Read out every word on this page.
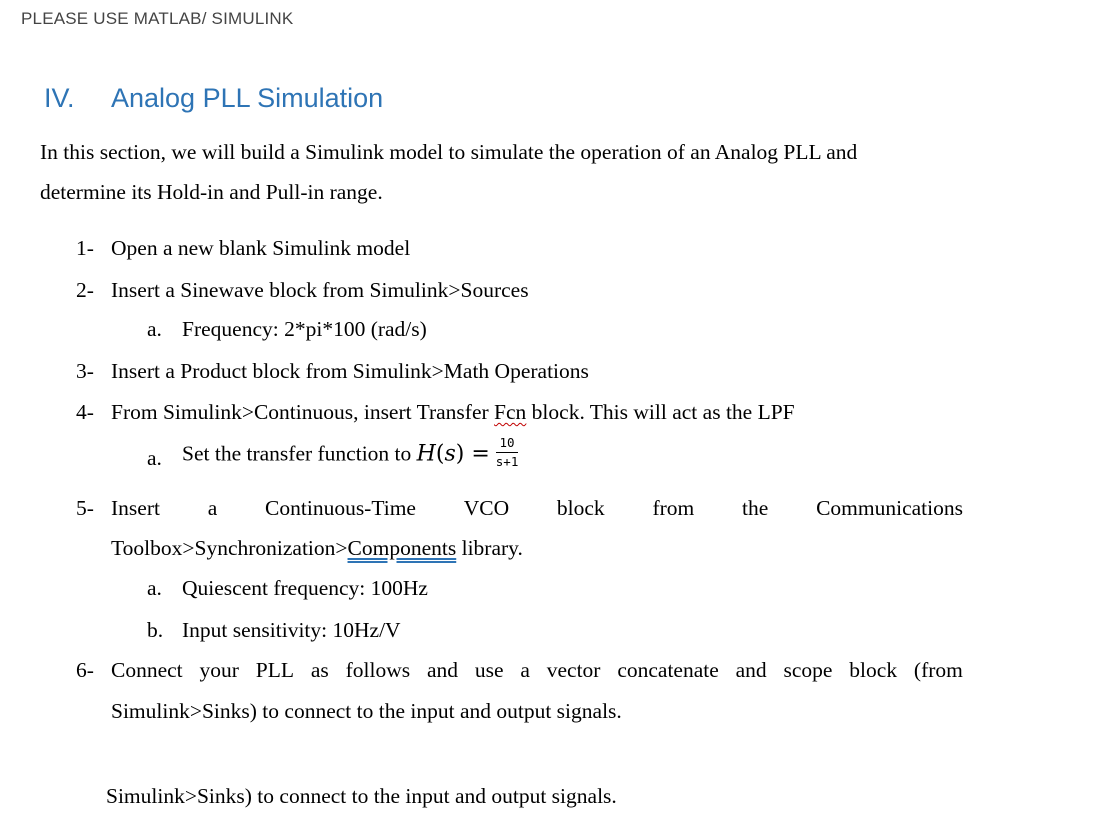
PLEASE USE MATLAB/ SIMULINK
IV. Analog PLL Simulation
In this section, we will build a Simulink model to simulate the operation of an Analog PLL and
determine its Hold-in and Pull-in range.
1- Open a new blank Simulink model
2- Insert a Sinewave block from Simulink>Sources
a. Frequency: 2*pi*100 (rad/s)
3- Insert a Product block from Simulink>Math Operations
4- From Simulink>Continuous, insert Transfer Fcn block. This will act as the LPF
a. Set the transfer function to $H(s) = \frac{10}{s+1}$
5- Insert a Continuous-Time VCO block from the Communications
Toolbox>Synchronization>Components library.
a. Quiescent frequency: 100Hz
b. Input sensitivity: 10Hz/V
6- Connect your PLL as follows and use a vector concatenate and scope block (from
Simulink>Sinks) to connect to the input and output signals.
Simulink>Sinks) to connect to the input and output signals.
